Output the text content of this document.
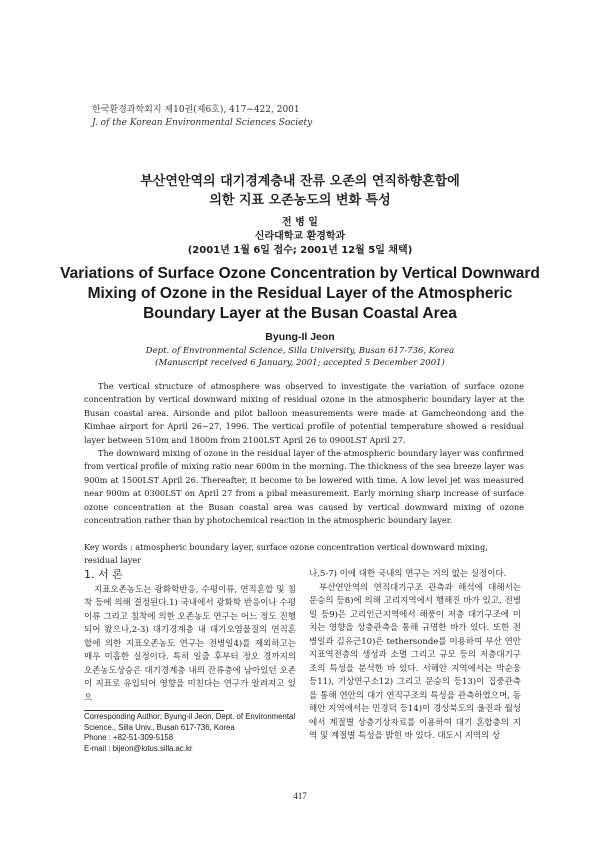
한국환경과학회지 제10권(제6호), 417~422, 2001
J. of the Korean Environmental Sciences Society
부산연안역의 대기경계층내 잔류 오존의 연직하향혼합에
의한 지표 오존농도의 변화 특성
전 병 일
신라대학교 환경학과
(2001년 1월 6일 접수; 2001년 12월 5일 채택)
Variations of Surface Ozone Concentration by Vertical Downward
Mixing of Ozone in the Residual Layer of the Atmospheric
Boundary Layer at the Busan Coastal Area
Byung-Il Jeon
Dept. of Environmental Science, Silla University, Busan 617-736, Korea
(Manuscript received 6 January, 2001; accepted 5 December 2001)

The vertical structure of atmosphere was observed to investigate the variation of surface ozone concentration by vertical downward mixing of residual ozone in the atmospheric boundary layer at the Busan coastal area. Airsonde and pilot balloon measurements were made at Gamcheondong and the Kimhae airport for April 26~27, 1996. The vertical profile of potential temperature showed a residual layer between 510m and 1800m from 2100LST April 26 to 0900LST April 27.

The downward mixing of ozone in the residual layer of the atmospheric boundary layer was confirmed from vertical profile of mixing ratio near 600m in the morning. The thickness of the sea breeze layer was 900m at 1500LST April 26. Thereafter, it become to be lowered with time. A low level jet was measured near 900m at 0300LST on April 27 from a pibal measurement. Early morning sharp increase of surface ozone concentration at the Busan coastal area was caused by vertical downward mixing of ozone concentration rather than by photochemical reaction in the atmospheric boundary layer.

Key words : atmospheric boundary layer, surface ozone concentration vertical downward mixing, residual layer
1. 서 론

지표오존농도는 광화학반응, 수평이류, 연직혼합 및 침착 등에 의해 결정된다.1) 국내에서 광화학 반응이나 수평이류 그리고 침착에 의한 오존농도 연구는 어느 정도 진행되어 왔으나,2-3) 대기경계층 내 대기오염물질의 연직혼합에 의한 지표오존농도 연구는 전병일4)를 제외하고는 매우 미흡한 실정이다. 특히 일출 후부터 정오 경까지의 오존농도상승은 대기경계층 내의 잔류층에 남아있던 오존이 지표로 유입되어 영향을 미친다는 연구가 알려져고 있으

나,5-7) 이에 대한 국내의 연구는 거의 없는 실정이다.

부산연안역의 연직대기구조 관측과 해석에 대해서는 문승의 등8)에 의해 고리지역에서 행해진 바가 있고, 전병일 등9)은 고리인근지역에서 해풍이 저층 대기구조에 미치는 영향을 상층관측을 통해 규명한 바가 있다. 또한 전병일과 김유근10)은 tethersonde를 이용하여 부산 연안 지표역전층의 생성과 소멸 그리고 규모 등의 저층대기구조의 특성을 분석한 바 있다. 서해안 지역에서는 박순웅 등11), 기상연구소12) 그리고 문승의 등13)이 집중관측을 통해 연안의 대기 연직구조의 특성을 관측하였으며, 동해안 지역에서는 민경덕 등14)이 경상북도의 울진과 월성에서 계절별 상층기상자료를 이용하여 대기 혼합층의 지역 및 계절별 특성을 밝힌 바 있다. 대도시 지역의 상

Corresponding Author; Byung-il Jeon, Dept. of Environmental
Science., Silla Univ., Busan 617-736, Korea
Phone : +82-51-309-5158
E-mail : bijeon@lotus.silla.ac.kr
417
